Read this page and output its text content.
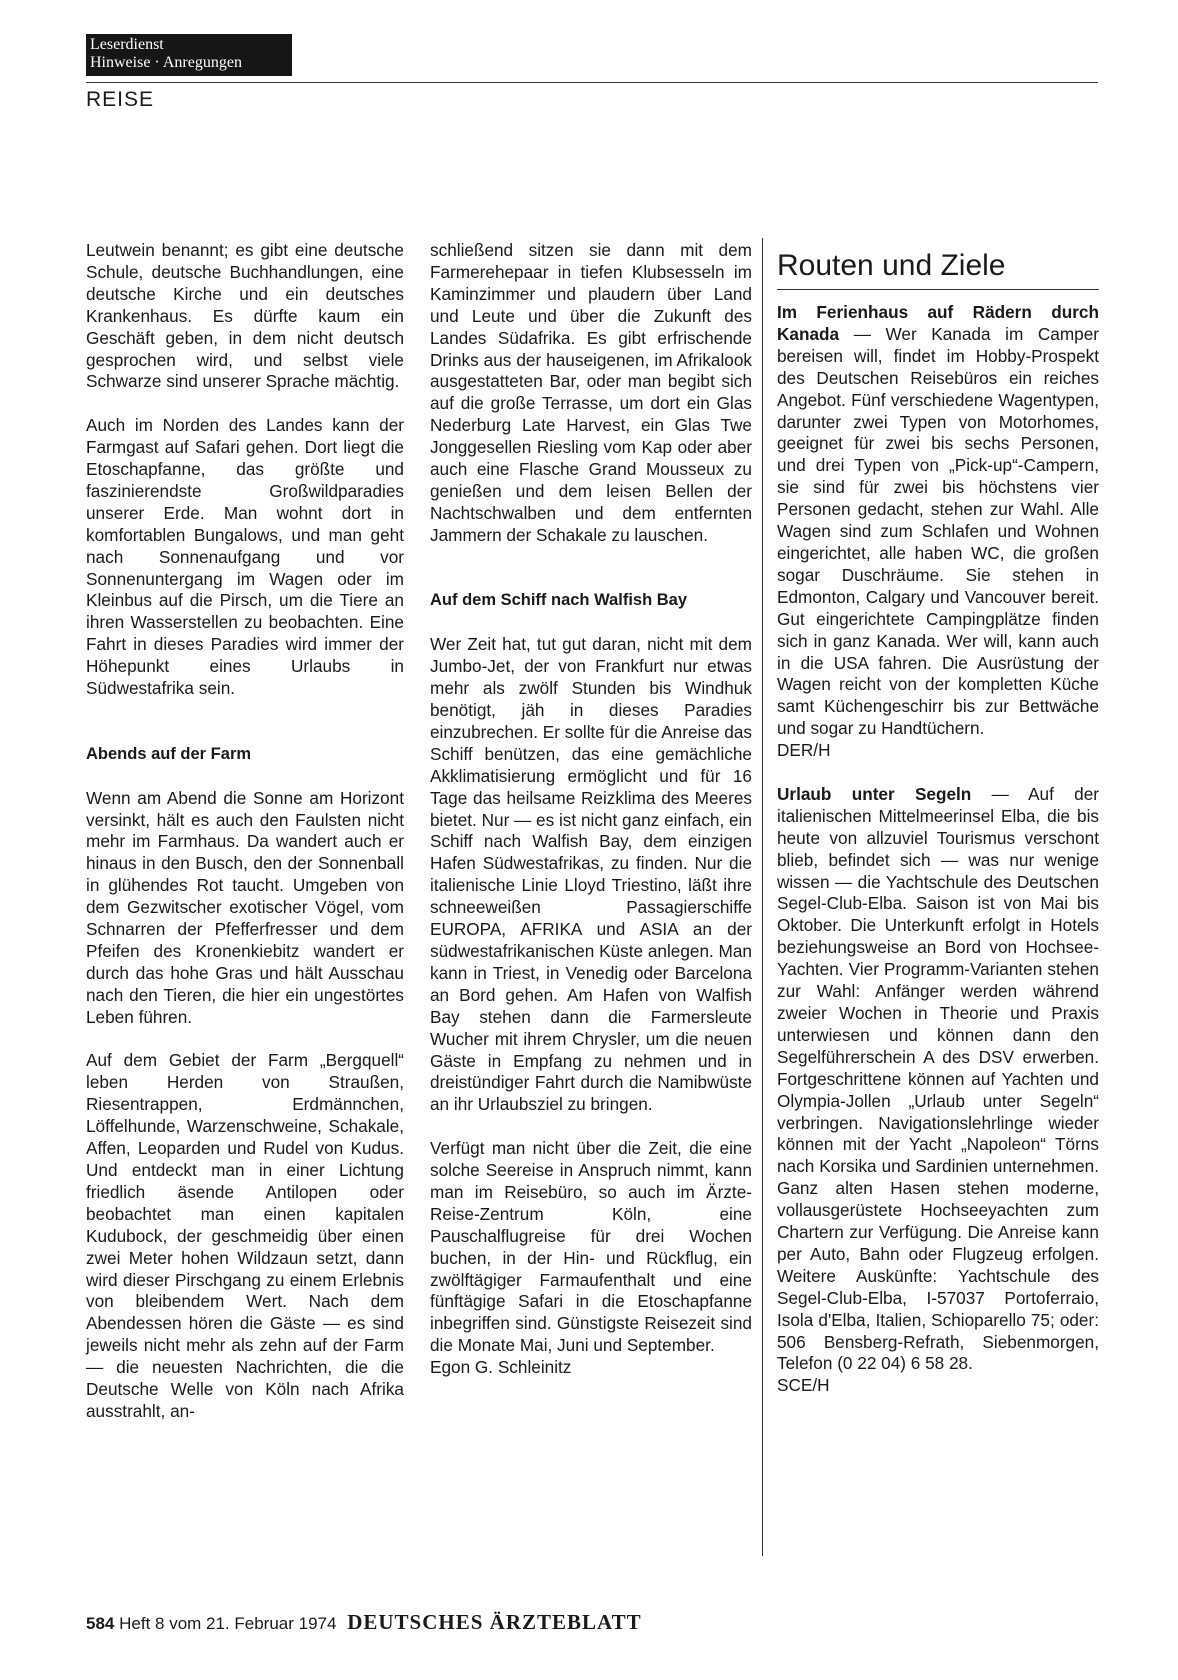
Leserdienst
Hinweise · Anregungen
REISE

Leutwein benannt; es gibt eine deutsche Schule, deutsche Buchhandlungen, eine deutsche Kirche und ein deutsches Krankenhaus. Es dürfte kaum ein Geschäft geben, in dem nicht deutsch gesprochen wird, und selbst viele Schwarze sind unserer Sprache mächtig.

Auch im Norden des Landes kann der Farmgast auf Safari gehen. Dort liegt die Etoschapfanne, das größte und faszinierendste Großwildparadies unserer Erde. Man wohnt dort in komfortablen Bungalows, und man geht nach Sonnenaufgang und vor Sonnenuntergang im Wagen oder im Kleinbus auf die Pirsch, um die Tiere an ihren Wasserstellen zu beobachten. Eine Fahrt in dieses Paradies wird immer der Höhepunkt eines Urlaubs in Südwestafrika sein.

Abends auf der Farm

Wenn am Abend die Sonne am Horizont versinkt, hält es auch den Faulsten nicht mehr im Farmhaus. Da wandert auch er hinaus in den Busch, den der Sonnenball in glühendes Rot taucht. Umgeben von dem Gezwitscher exotischer Vögel, vom Schnarren der Pfefferfresser und dem Pfeifen des Kronenkiebitz wandert er durch das hohe Gras und hält Ausschau nach den Tieren, die hier ein ungestörtes Leben führen.

Auf dem Gebiet der Farm „Bergquell“ leben Herden von Straußen, Riesentrappen, Erdmännchen, Löffelhunde, Warzenschweine, Schakale, Affen, Leoparden und Rudel von Kudus. Und entdeckt man in einer Lichtung friedlich äsende Antilopen oder beobachtet man einen kapitalen Kudubock, der geschmeidig über einen zwei Meter hohen Wildzaun setzt, dann wird dieser Pirschgang zu einem Erlebnis von bleibendem Wert. Nach dem Abendessen hören die Gäste — es sind jeweils nicht mehr als zehn auf der Farm — die neuesten Nachrichten, die die Deutsche Welle von Köln nach Afrika ausstrahlt, an-

schließend sitzen sie dann mit dem Farmerehepaar in tiefen Klubsesseln im Kaminzimmer und plaudern über Land und Leute und über die Zukunft des Landes Südafrika. Es gibt erfrischende Drinks aus der hauseigenen, im Afrikalook ausgestatteten Bar, oder man begibt sich auf die große Terrasse, um dort ein Glas Nederburg Late Harvest, ein Glas Twe Jonggesellen Riesling vom Kap oder aber auch eine Flasche Grand Mousseux zu genießen und dem leisen Bellen der Nachtschwalben und dem entfernten Jammern der Schakale zu lauschen.

Auf dem Schiff nach Walfish Bay

Wer Zeit hat, tut gut daran, nicht mit dem Jumbo-Jet, der von Frankfurt nur etwas mehr als zwölf Stunden bis Windhuk benötigt, jäh in dieses Paradies einzubrechen. Er sollte für die Anreise das Schiff benützen, das eine gemächliche Akklimatisierung ermöglicht und für 16 Tage das heilsame Reizklima des Meeres bietet. Nur — es ist nicht ganz einfach, ein Schiff nach Walfish Bay, dem einzigen Hafen Südwestafrikas, zu finden. Nur die italienische Linie Lloyd Triestino, läßt ihre schneeweißen Passagierschiffe EUROPA, AFRIKA und ASIA an der südwestafrikanischen Küste anlegen. Man kann in Triest, in Venedig oder Barcelona an Bord gehen. Am Hafen von Walfish Bay stehen dann die Farmersleute Wucher mit ihrem Chrysler, um die neuen Gäste in Empfang zu nehmen und in dreistündiger Fahrt durch die Namibwüste an ihr Urlaubsziel zu bringen.

Verfügt man nicht über die Zeit, die eine solche Seereise in Anspruch nimmt, kann man im Reisebüro, so auch im Ärzte-Reise-Zentrum Köln, eine Pauschalflugreise für drei Wochen buchen, in der Hin- und Rückflug, ein zwölftägiger Farmaufenthalt und eine fünftägige Safari in die Etoschapfanne inbegriffen sind. Günstigste Reisezeit sind die Monate Mai, Juni und September.

Egon G. Schleinitz

Routen und Ziele

Im Ferienhaus auf Rädern durch Kanada — Wer Kanada im Camper bereisen will, findet im Hobby-Prospekt des Deutschen Reisebüros ein reiches Angebot. Fünf verschiedene Wagentypen, darunter zwei Typen von Motorhomes, geeignet für zwei bis sechs Personen, und drei Typen von „Pick-up“-Campern, sie sind für zwei bis höchstens vier Personen gedacht, stehen zur Wahl. Alle Wagen sind zum Schlafen und Wohnen eingerichtet, alle haben WC, die großen sogar Duschräume. Sie stehen in Edmonton, Calgary und Vancouver bereit. Gut eingerichtete Campingplätze finden sich in ganz Kanada. Wer will, kann auch in die USA fahren. Die Ausrüstung der Wagen reicht von der kompletten Küche samt Küchengeschirr bis zur Bettwäche und sogar zu Handtüchern.

DER/H

Urlaub unter Segeln — Auf der italienischen Mittelmeerinsel Elba, die bis heute von allzuviel Tourismus verschont blieb, befindet sich — was nur wenige wissen — die Yachtschule des Deutschen Segel-Club-Elba. Saison ist von Mai bis Oktober. Die Unterkunft erfolgt in Hotels beziehungsweise an Bord von Hochsee-Yachten. Vier Programm-Varianten stehen zur Wahl: Anfänger werden während zweier Wochen in Theorie und Praxis unterwiesen und können dann den Segelführerschein A des DSV erwerben. Fortgeschrittene können auf Yachten und Olympia-Jollen „Urlaub unter Segeln“ verbringen. Navigationslehrlinge wieder können mit der Yacht „Napoleon“ Törns nach Korsika und Sardinien unternehmen. Ganz alten Hasen stehen moderne, vollausgerüstete Hochseeyachten zum Chartern zur Verfügung. Die Anreise kann per Auto, Bahn oder Flugzeug erfolgen. Weitere Auskünfte: Yachtschule des Segel-Club-Elba, I-57037 Portoferraio, Isola d'Elba, Italien, Schioparello 75; oder: 506 Bensberg-Refrath, Siebenmorgen, Telefon (0 22 04) 6 58 28.

SCE/H

584 Heft 8 vom 21. Februar 1974 DEUTSCHES ÄRZTEBLATT
